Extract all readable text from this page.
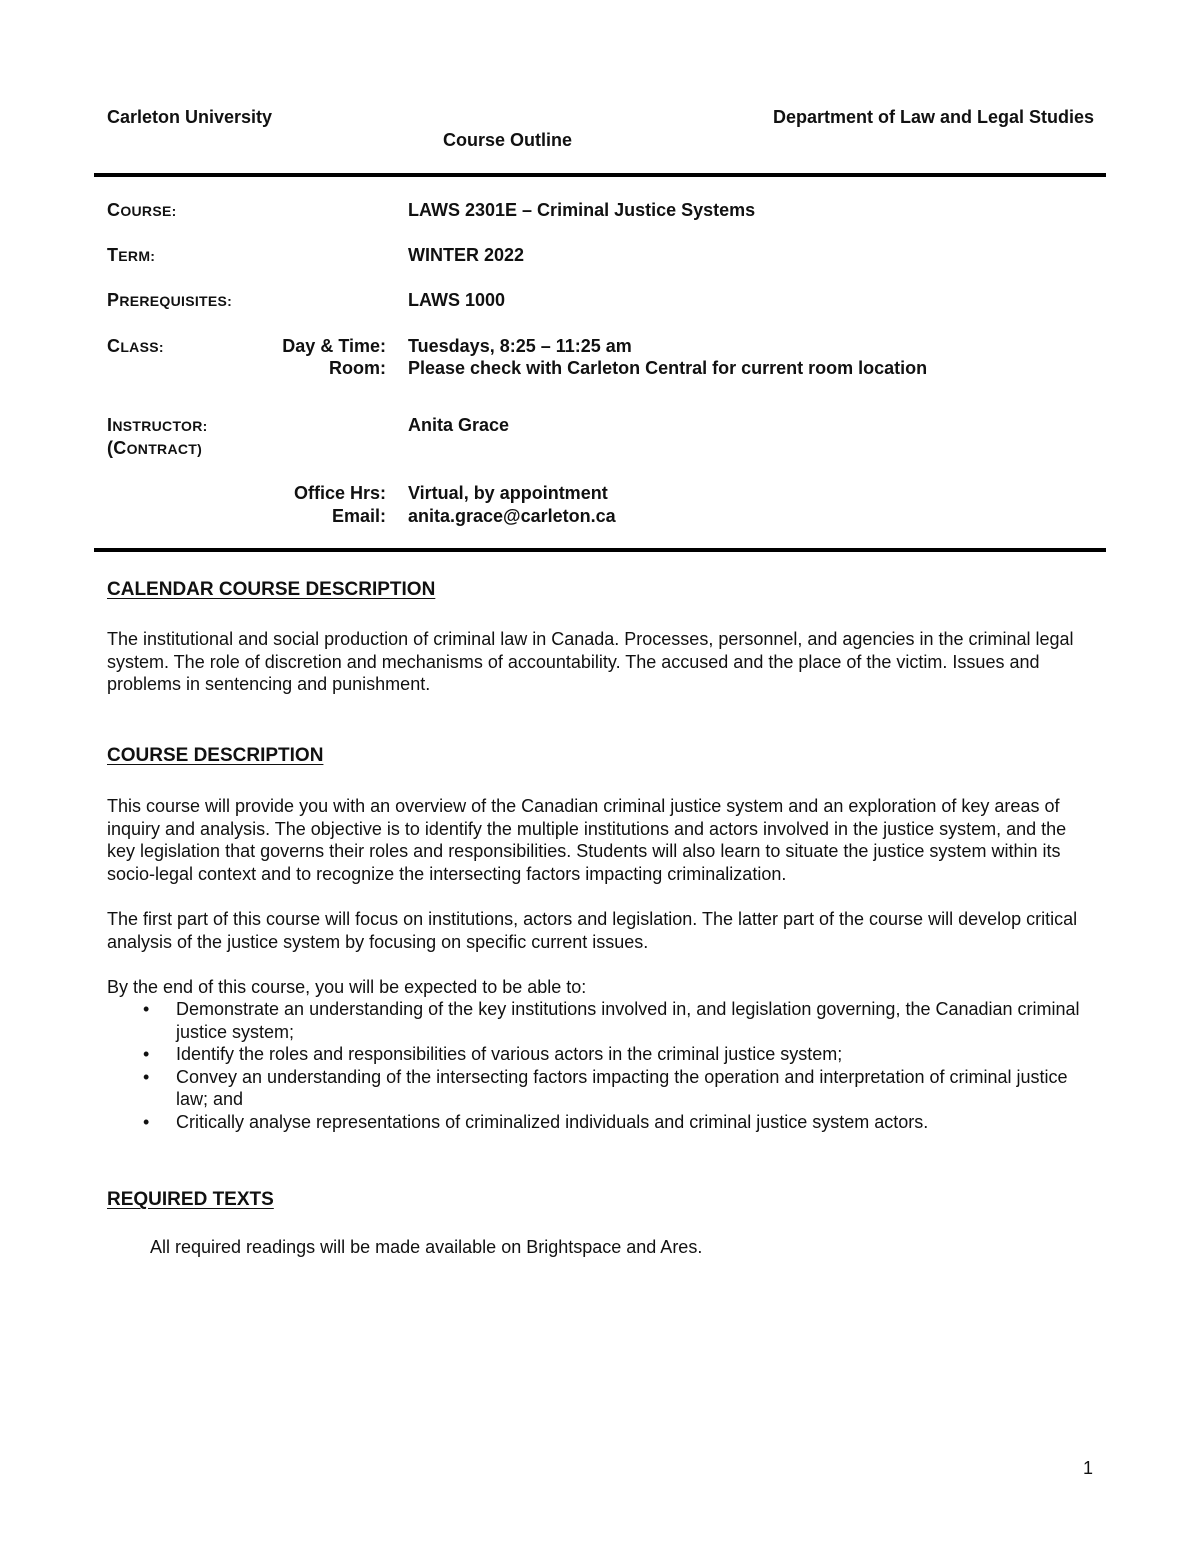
Carleton University	Department of Law and Legal Studies
Course Outline
COURSE:	LAWS 2301E – Criminal Justice Systems
TERM:	WINTER 2022
PREREQUISITES:	LAWS 1000
CLASS:	Day & Time: Tuesdays, 8:25 – 11:25 am
Room: Please check with Carleton Central for current room location
INSTRUCTOR:
(CONTRACT)
Anita Grace
Office Hrs: Virtual, by appointment
Email: anita.grace@carleton.ca
CALENDAR COURSE DESCRIPTION

The institutional and social production of criminal law in Canada. Processes, personnel, and agencies in the criminal legal system. The role of discretion and mechanisms of accountability. The accused and the place of the victim. Issues and problems in sentencing and punishment.

COURSE DESCRIPTION

This course will provide you with an overview of the Canadian criminal justice system and an exploration of key areas of inquiry and analysis. The objective is to identify the multiple institutions and actors involved in the justice system, and the key legislation that governs their roles and responsibilities. Students will also learn to situate the justice system within its socio-legal context and to recognize the intersecting factors impacting criminalization.

The first part of this course will focus on institutions, actors and legislation. The latter part of the course will develop critical analysis of the justice system by focusing on specific current issues.

By the end of this course, you will be expected to be able to:

• Demonstrate an understanding of the key institutions involved in, and legislation governing, the Canadian criminal justice system;
• Identify the roles and responsibilities of various actors in the criminal justice system;
• Convey an understanding of the intersecting factors impacting the operation and interpretation of criminal justice law; and
• Critically analyse representations of criminalized individuals and criminal justice system actors.
REQUIRED TEXTS
All required readings will be made available on Brightspace and Ares.
1
